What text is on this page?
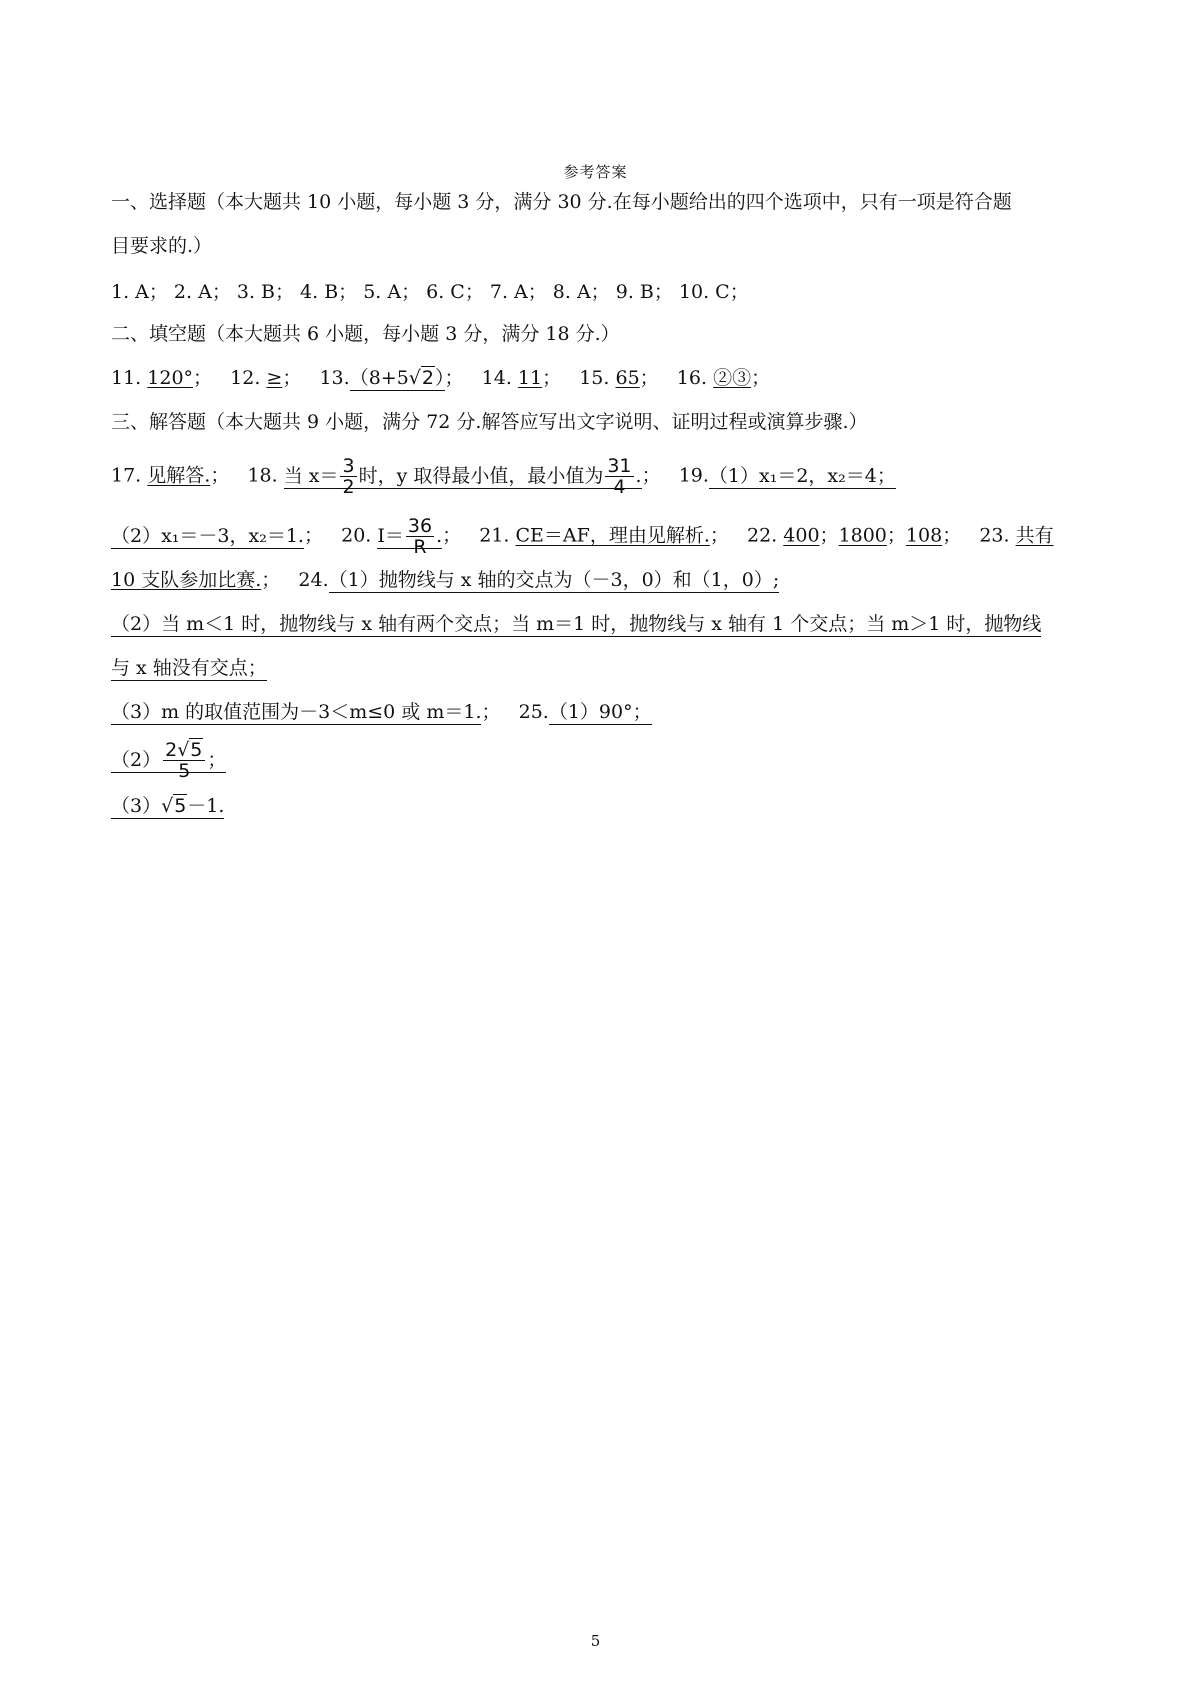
参考答案
一、选择题（本大题共 10 小题，每小题 3 分，满分 30 分.在每小题给出的四个选项中，只有一项是符合题
目要求的.）
1. A； 2. A； 3. B； 4. B； 5. A； 6. C； 7. A； 8. A； 9. B； 10. C；
二、填空题（本大题共 6 小题，每小题 3 分，满分 18 分.）
11. 120°；   12. ≥；   13.（8+5√2）；   14. 11；   15. 65；   16. ②③；
三、解答题（本大题共 9 小题，满分 72 分.解答应写出文字说明、证明过程或演算步骤.）
17. 见解答.；   18. 当 $x= \frac{3}{2}$ 时，y 取得最小值，最小值为 $\frac{31}{4}$ .；   19.（1）x₁＝2，x₂＝4；
（2）x₁＝－3，x₂＝1.；   20. $I= \frac{36}{R}$ .；   21. CE＝AF，理由见解析.；   22. 400；1800；108；   23. 共有
10 支队参加比赛.；   24.（1）抛物线与 x 轴的交点为（－3，0）和（1，0）;
（2）当 m＜1 时，抛物线与 x 轴有两个交点；当 m＝1 时，抛物线与 x 轴有 1 个交点；当 m＞1 时，抛物线
与 x 轴没有交点；
（3）m 的取值范围为－3＜m≤0 或 m＝1.；   25.（1）90°；
$(2) \frac{2√5}{5}$ ；
（3）√5－1.
5
